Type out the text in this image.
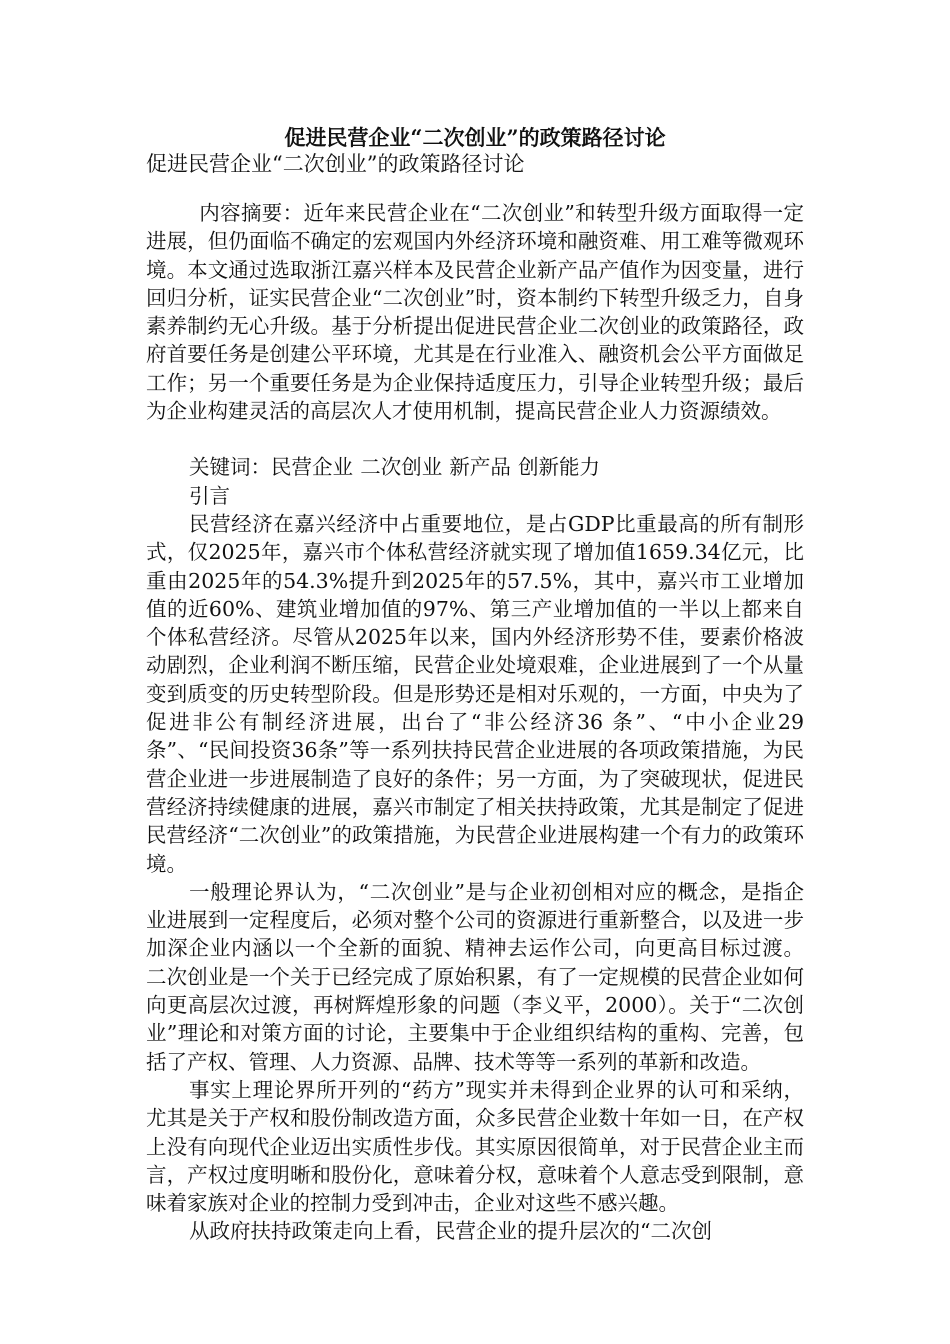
促进民营企业“二次创业”的政策路径讨论
促进民营企业“二次创业”的政策路径讨论

内容摘要：近年来民营企业在“二次创业”和转型升级方面取得一定进展，但仍面临不确定的宏观国内外经济环境和融资难、用工难等微观环境。本文通过选取浙江嘉兴样本及民营企业新产品产值作为因变量，进行回归分析，证实民营企业“二次创业”时，资本制约下转型升级乏力，自身素养制约无心升级。基于分析提出促进民营企业二次创业的政策路径，政府首要任务是创建公平环境，尤其是在行业准入、融资机会公平方面做足工作；另一个重要任务是为企业保持适度压力，引导企业转型升级；最后为企业构建灵活的高层次人才使用机制，提高民营企业人力资源绩效。

关键词：民营企业 二次创业 新产品 创新能力

引言

民营经济在嘉兴经济中占重要地位，是占GDP比重最高的所有制形式，仅2025年，嘉兴市个体私营经济就实现了增加值1659.34亿元，比重由2025年的54.3%提升到2025年的57.5%，其中，嘉兴市工业增加值的近60%、建筑业增加值的97%、第三产业增加值的一半以上都来自个体私营经济。尽管从2025年以来，国内外经济形势不佳，要素价格波动剧烈，企业利润不断压缩，民营企业处境艰难，企业进展到了一个从量变到质变的历史转型阶段。但是形势还是相对乐观的，一方面，中央为了促进非公有制经济进展，出台了“非公经济36 条”、“中小企业29条”、“民间投资36条”等一系列扶持民营企业进展的各项政策措施，为民营企业进一步进展制造了良好的条件；另一方面，为了突破现状，促进民营经济持续健康的进展，嘉兴市制定了相关扶持政策，尤其是制定了促进民营经济“二次创业”的政策措施，为民营企业进展构建一个有力的政策环境。

一般理论界认为，“二次创业”是与企业初创相对应的概念，是指企业进展到一定程度后，必须对整个公司的资源进行重新整合，以及进一步加深企业内涵以一个全新的面貌、精神去运作公司，向更高目标过渡。 二次创业是一个关于已经完成了原始积累，有了一定规模的民营企业如何向更高层次过渡，再树辉煌形象的问题（李义平，2000）。关于“二次创业”理论和对策方面的讨论，主要集中于企业组织结构的重构、完善，包括了产权、管理、人力资源、品牌、技术等等一系列的革新和改造。

事实上理论界所开列的“药方”现实并未得到企业界的认可和采纳，尤其是关于产权和股份制改造方面，众多民营企业数十年如一日，在产权上没有向现代企业迈出实质性步伐。其实原因很简单，对于民营企业主而言，产权过度明晰和股份化，意味着分权，意味着个人意志受到限制，意味着家族对企业的控制力受到冲击，企业对这些不感兴趣。

从政府扶持政策走向上看，民营企业的提升层次的“二次创
